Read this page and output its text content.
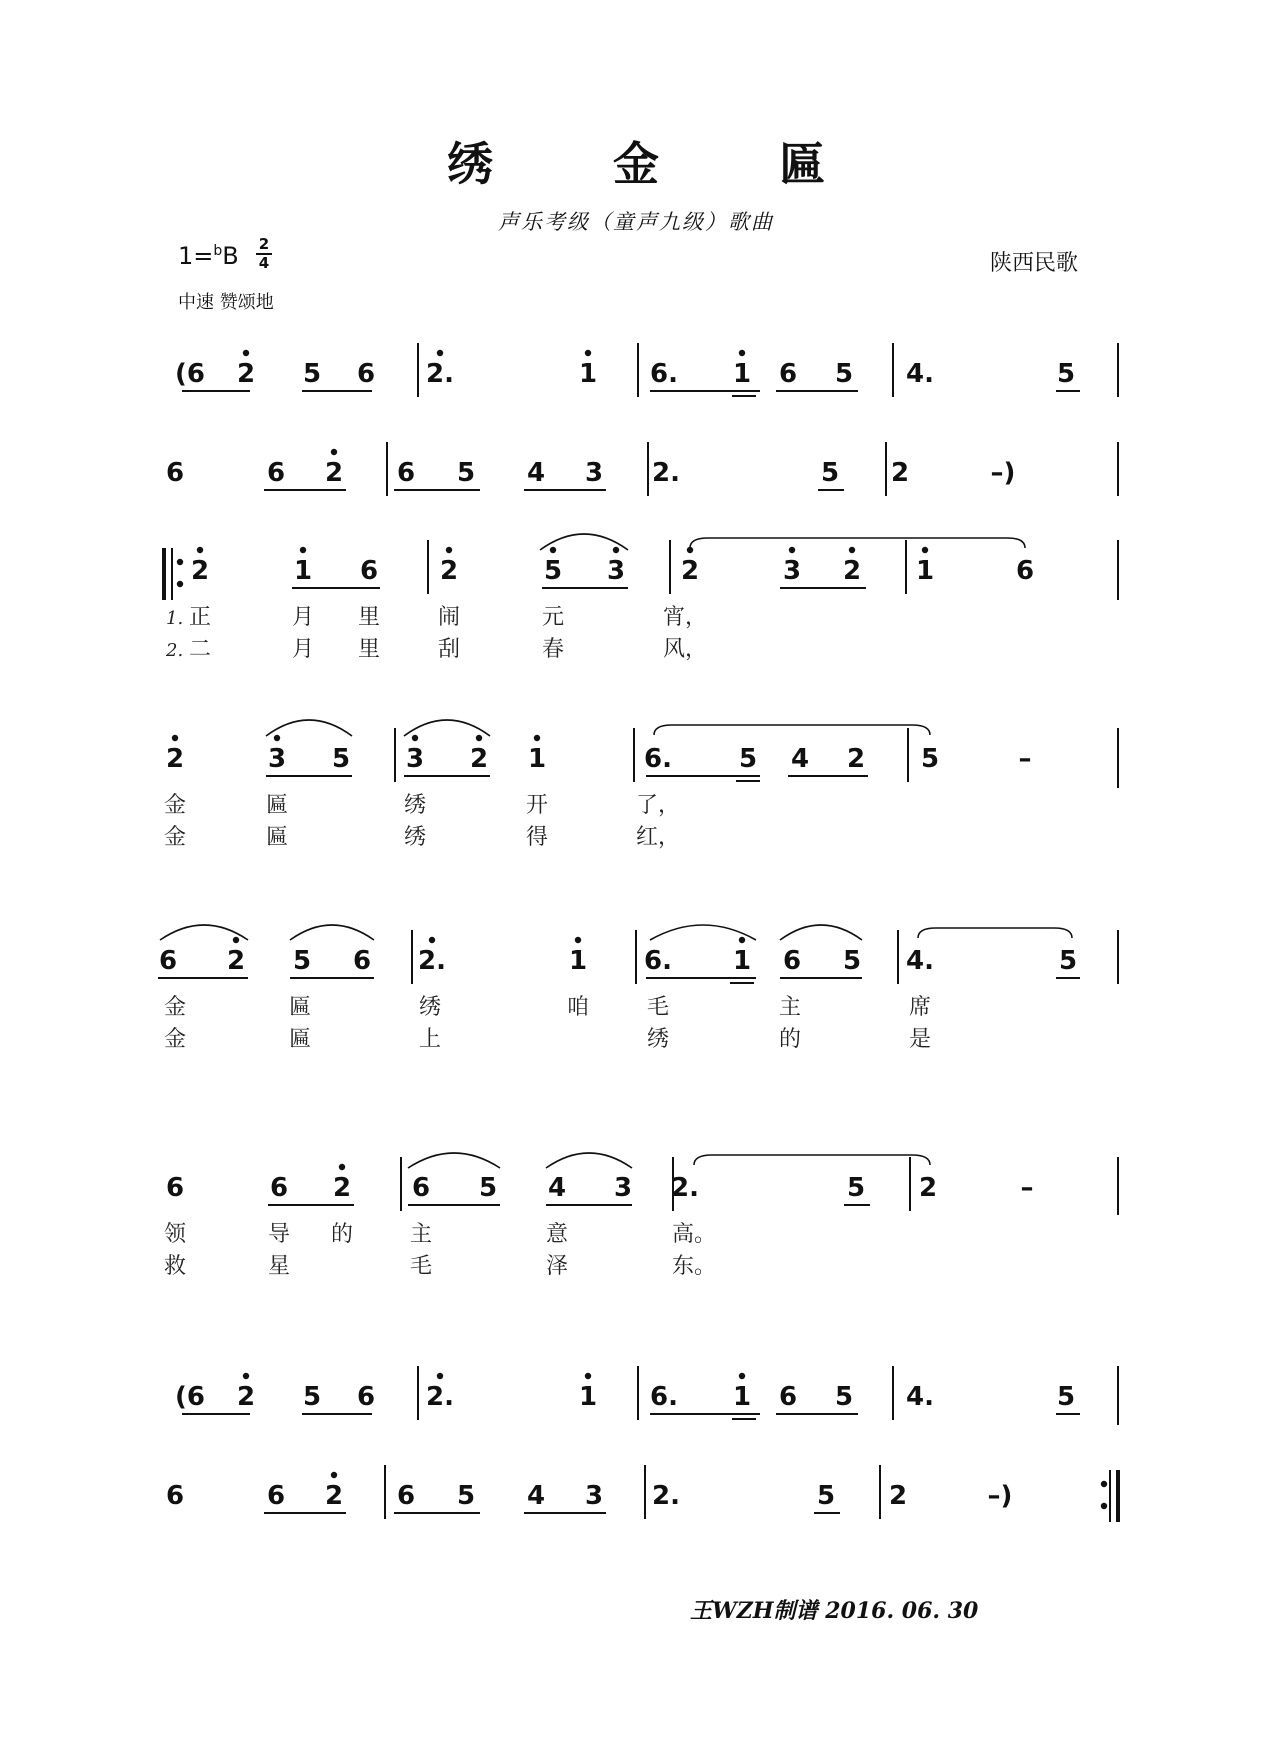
绣 金 匾
声乐考级（童声九级）歌曲
1=$^b$B 2
4
中速 赞颂地
陕西民歌
王WZH制谱 2016. 06. 30
(6 2 5 6 2.	1 6. 1 6 5 4.	5
6	6 2 6 5 4 3 2.	5 2	–)
2	1 6 2	5 3 2	3 2 1	6
2	3 5 3 2 1	6.	5 4 2 5	–
6 2 5 6 2.	1 6. 1 6 5 4.	5
6	6 2 6 5 4 3 2.	5 2	–
(6 2 5 6 2.	1 6. 1 6 5 4.	5
6	6 2 6 5 4 3 2.	5 2	–)
1.
2.
正	月 里	闹	元	宵，
二	月 里	刮	春	风，
金	匾	绣	开	了，
金	匾	绣	得	红，
金	匾	绣	咱	毛	主	席
金	匾	上	绣	的	是
领	导 的	主	意	高。
救	星	毛	泽	东。
